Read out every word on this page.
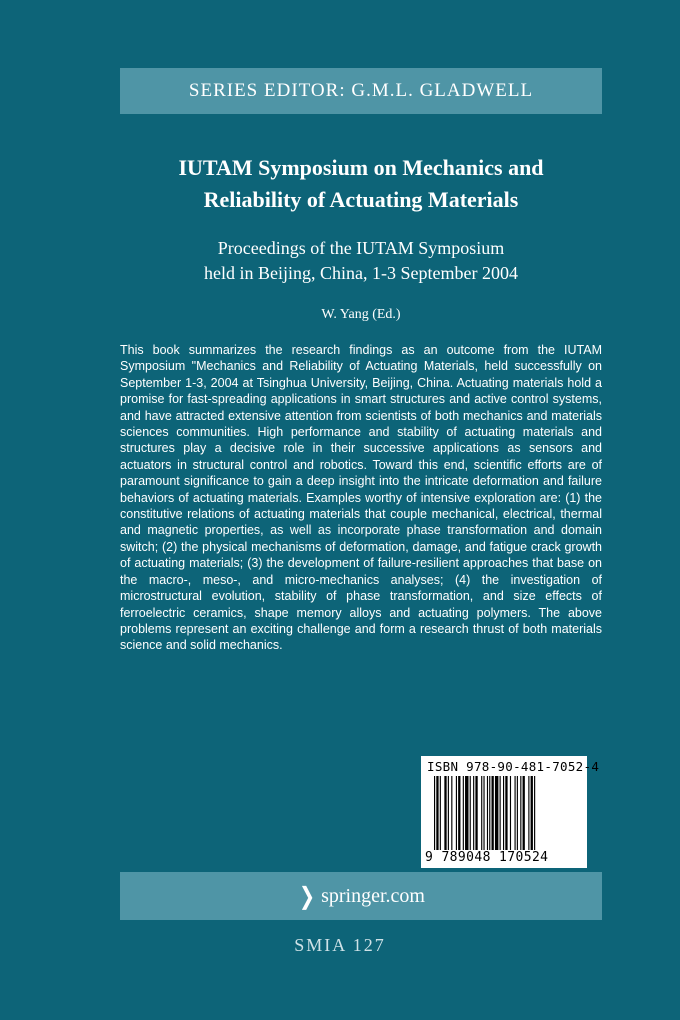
SERIES EDITOR: G.M.L. GLADWELL
IUTAM Symposium on Mechanics and
Reliability of Actuating Materials
Proceedings of the IUTAM Symposium
held in Beijing, China, 1-3 September 2004
W. Yang (Ed.)

This book summarizes the research findings as an outcome from the IUTAM Symposium "Mechanics and Reliability of Actuating Materials, held successfully on September 1-3, 2004 at Tsinghua University, Beijing, China. Actuating materials hold a promise for fast-spreading applications in smart structures and active control systems, and have attracted extensive attention from scientists of both mechanics and materials sciences communities. High performance and stability of actuating materials and structures play a decisive role in their successive applications as sensors and actuators in structural control and robotics. Toward this end, scientific efforts are of paramount significance to gain a deep insight into the intricate deformation and failure behaviors of actuating materials. Examples worthy of intensive exploration are: (1) the constitutive relations of actuating materials that couple mechanical, electrical, thermal and magnetic properties, as well as incorporate phase transformation and domain switch; (2) the physical mechanisms of deformation, damage, and fatigue crack growth of actuating materials; (3) the development of failure-resilient approaches that base on the macro-, meso-, and micro-mechanics analyses; (4) the investigation of microstructural evolution, stability of phase transformation, and size effects of ferroelectric ceramics, shape memory alloys and actuating polymers. The above problems represent an exciting challenge and form a research thrust of both materials science and solid mechanics.

ISBN 978-90-481-7052-4
9 789048 170524
❯ springer.com
SMIA 127
